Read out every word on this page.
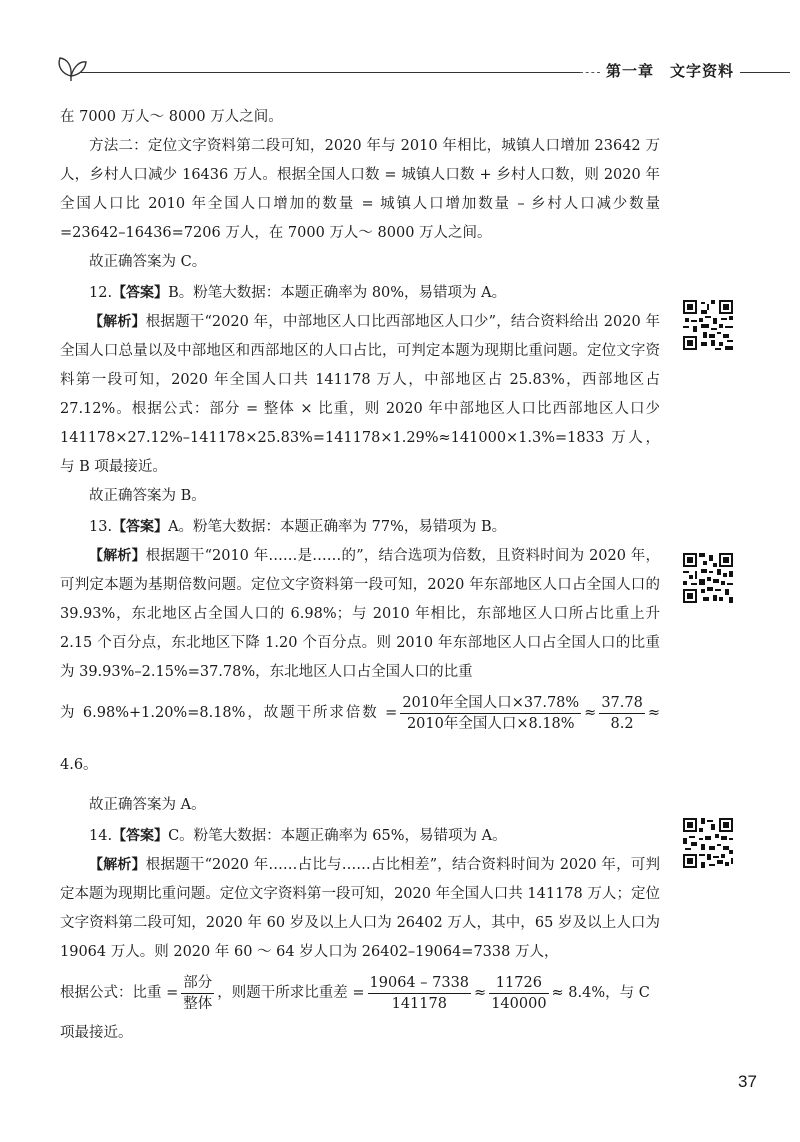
第一章 文字资料

在 7000 万人～ 8000 万人之间。

方法二：定位文字资料第二段可知，2020 年与 2010 年相比，城镇人口增加 23642 万人，乡村人口减少 16436 万人。根据全国人口数 = 城镇人口数 + 乡村人口数，则 2020 年全国人口比 2010 年全国人口增加的数量 = 城镇人口增加数量 – 乡村人口减少数量 =23642–16436=7206 万人，在 7000 万人～ 8000 万人之间。

故正确答案为 C。

12.【答案】B。粉笔大数据：本题正确率为 80%，易错项为 A。

【解析】根据题干“2020 年，中部地区人口比西部地区人口少”，结合资料给出 2020 年全国人口总量以及中部地区和西部地区的人口占比，可判定本题为现期比重问题。定位文字资料第一段可知，2020 年全国人口共 141178 万人，中部地区占 25.83%，西部地区占 27.12%。根据公式：部分 = 整体 × 比重，则 2020 年中部地区人口比西部地区人口少 141178×27.12%–141178×25.83%=141178×1.29%≈141000×1.3%=1833 万人，与 B 项最接近。

故正确答案为 B。

13.【答案】A。粉笔大数据：本题正确率为 77%，易错项为 B。

【解析】根据题干“2010 年……是……的”，结合选项为倍数，且资料时间为 2020 年，可判定本题为基期倍数问题。定位文字资料第一段可知，2020 年东部地区人口占全国人口的 39.93%，东北地区占全国人口的 6.98%；与 2010 年相比，东部地区人口所占比重上升 2.15 个百分点，东北地区下降 1.20 个百分点。则 2010 年东部地区人口占全国人口的比重为 39.93%–2.15%=37.78%，东北地区人口占全国人口的比重

为 6.98%+1.20%=8.18%，故题干所求倍数 = $\frac{\text{2010年全国人口×37.78\%}}{\text{2010年全国人口×8.18\%}} \approx \frac{37.78}{8.2} \approx 4.6$。

故正确答案为 A。

14.【答案】C。粉笔大数据：本题正确率为 65%，易错项为 A。

【解析】根据题干“2020 年……占比与……占比相差”，结合资料时间为 2020 年，可判定本题为现期比重问题。定位文字资料第一段可知，2020 年全国人口共 141178 万人；定位文字资料第二段可知，2020 年 60 岁及以上人口为 26402 万人，其中，65 岁及以上人口为 19064 万人。则 2020 年 60 ～ 64 岁人口为 26402–19064=7338 万人，

根据公式：比重 = $\frac{\text{部分}}{\text{整体}}$ ，则题干所求比重差 = $\frac{19064 - 7338}{141178} \approx \frac{11726}{140000} \approx 8.4\%$，与 C

项最接近。

37
